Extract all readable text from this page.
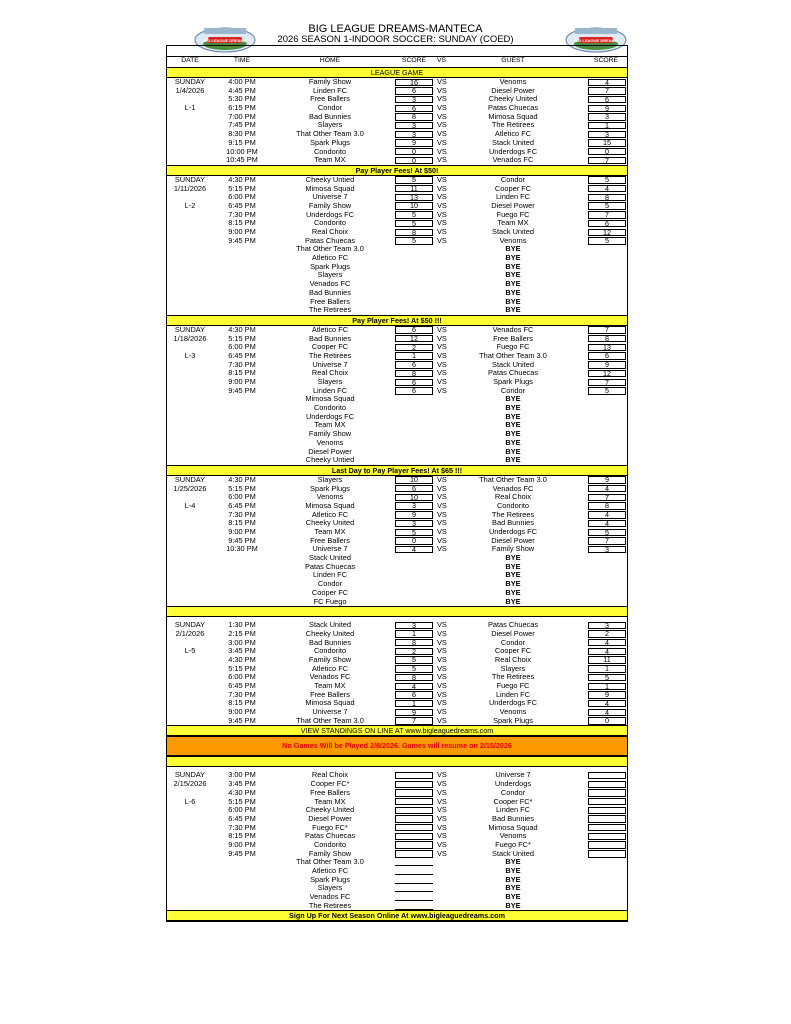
BIG LEAGUE DREAMS	BIG LEAGUE DREAMS
BIG LEAGUE DREAMS-MANTECA
2026 SEASON 1-INDOOR SOCCER: SUNDAY (COED)
DATE	TIME	HOME	SCORE	VS	GUEST	SCORE
LEAGUE GAME
SUNDAY	4:00 PM	Family Show	16	VS	Venoms	4
1/4/2026	4:45 PM	Linden FC	6	VS	Diesel Power	7
5:30 PM	Free Ballers	3	VS	Cheeky United	6
L-1	6:15 PM	Condor	6	VS	Patas Chuecas	9
7:00 PM	Bad Bunnies	8	VS	Mimosa Squad	3
7:45 PM	Slayers	3	VS	The Retirees	1
8:30 PM	That Other Team 3.0	3	VS	Atletico FC	3
9:15 PM	Spark Plugs	9	VS	Stack United	15
10:00 PM	Condorito	0	VS	Underdogs FC	0
10:45 PM	Team MX	0	VS	Venados FC	7
Pay Player Fees! At $50!
SUNDAY	4:30 PM	Cheeky Untied	5	VS	Condor	5
1/11/2026	5:15 PM	Mimosa Squad	11	VS	Cooper FC	4
6:00 PM	Universe 7	13	VS	Linden FC	8
L-2	6:45 PM	Family Show	10	VS	Diesel Power	5
7:30 PM	Underdogs FC	5	VS	Fuego FC	7
8:15 PM	Condorito	5	VS	Team MX	6
9:00 PM	Real Choix	8	VS	Stack United	12
9:45 PM	Patas Chuecas	5	VS	Venoms	5
That Other Team 3.0	BYE
Atletico FC	BYE
Spark Plugs	BYE
Slayers	BYE
Venados FC	BYE
Bad Bunnies	BYE
Free Ballers	BYE
The Retirees	BYE
Pay Player Fees! At $50 !!!
SUNDAY	4:30 PM	Atletico FC	6	VS	Venados FC	7
1/18/2026	5:15 PM	Bad Bunnies	12	VS	Free Ballers	8
6:00 PM	Cooper FC	2	VS	Fuego FC	13
L-3	6:45 PM	The Retirees	1	VS	That Other Team 3.0	6
7:30 PM	Universe 7	6	VS	Stack United	9
8:15 PM	Real Choix	8	VS	Patas Chuecas	12
9:00 PM	Slayers	6	VS	Spark Plugs	7
9:45 PM	Linden FC	6	VS	Condor	5
Mimosa Squad	BYE
Condorito	BYE
Underdogs FC	BYE
Team MX	BYE
Family Show	BYE
Venoms	BYE
Diesel Power	BYE
Cheeky Untied	BYE
Last Day to Pay Player Fees! At $65 !!!
SUNDAY	4:30 PM	Slayers	10	VS	That Other Team 3.0	9
1/25/2026	5:15 PM	Spark Plugs	6	VS	Venados FC	4
6:00 PM	Venoms	10	VS	Real Choix	7
L-4	6:45 PM	Mimosa Squad	3	VS	Condorito	8
7:30 PM	Atletico FC	9	VS	The Retirees	4
8:15 PM	Cheeky United	3	VS	Bad Bunnies	4
9:00 PM	Team MX	5	VS	Underdogs FC	5
9:45 PM	Free Ballers	0	VS	Diesel Power	7
10:30 PM	Universe 7	4	VS	Family Show	3
Stack United	BYE
Patas Chuecas	BYE
Linden FC	BYE
Condor	BYE
Cooper FC	BYE
FC Fuego	BYE
SUNDAY	1:30 PM	Stack United	3	VS	Patas Chuecas	3
2/1/2026	2:15 PM	Cheeky United	1	VS	Diesel Power	2
3:00 PM	Bad Bunnies	8	VS	Condor	4
L-5	3:45 PM	Condorito	2	VS	Cooper FC	4
4:30 PM	Family Show	5	VS	Real Choix	11
5:15 PM	Atletico FC	5	VS	Slayers	1
6:00 PM	Venados FC	8	VS	The Retirees	5
6:45 PM	Team MX	4	VS	Fuego FC	1
7:30 PM	Free Ballers	6	VS	Linden FC	9
8:15 PM	Mimosa Squad	1	VS	Underdogs FC	4
9:00 PM	Universe 7	9	VS	Venoms	4
9:45 PM	That Other Team 3.0	7	VS	Spark Plugs	0
VIEW STANDINGS ON LINE AT www.bigleaguedreams.com
No Games Will be Played 2/8/2026. Games will resume on 2/15/2026
SUNDAY	3:00 PM	Real Choix	VS	Universe 7
2/15/2026	3:45 PM	Cooper FC*	VS	Underdogs
4:30 PM	Free Ballers	VS	Condor
L-6	5:15 PM	Team MX	VS	Cooper FC*
6:00 PM	Cheeky United	VS	Linden FC
6:45 PM	Diesel Power	VS	Bad Bunnies
7:30 PM	Fuego FC*	VS	Mimosa Squad
8:15 PM	Patas Chuecas	VS	Venoms
9:00 PM	Condorito	VS	Fuego FC*
9:45 PM	Family Show	VS	Stack United
That Other Team 3.0	BYE
Atletico FC	BYE
Spark Plugs	BYE
Slayers	BYE
Venados FC	BYE
The Retirees	BYE
Sign Up For Next Season Online At www.bigleaguedreams.com
